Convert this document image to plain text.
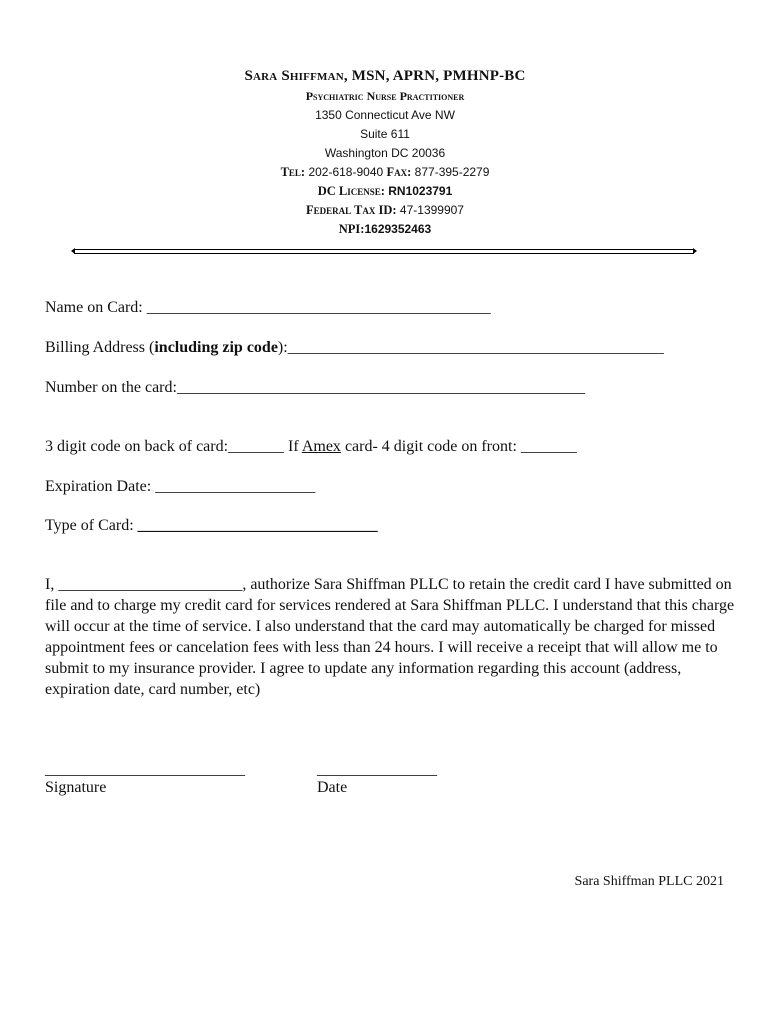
Sara Shiffman, MSN, APRN, PMHNP-BC
Psychiatric Nurse Practitioner
1350 Connecticut Ave NW
Suite 611
Washington DC 20036
Tel: 202-618-9040 Fax: 877-395-2279
DC License: RN1023791
Federal Tax ID: 47-1399907
NPI:1629352463
Name on Card: ___________________________________________
Billing Address (including zip code):_______________________________________________
Number on the card:___________________________________________________
3 digit code on back of card:_______ If Amex card- 4 digit code on front: _______
Expiration Date: ____________________
Type of Card: ______________________________
I, _______________________, authorize Sara Shiffman PLLC to retain the credit card I have submitted on file and to charge my credit card for services rendered at Sara Shiffman PLLC. I understand that this charge will occur at the time of service. I also understand that the card may automatically be charged for missed appointment fees or cancelation fees with less than 24 hours. I will receive a receipt that will allow me to submit to my insurance provider. I agree to update any information regarding this account (address, expiration date, card number, etc)
_________________________
Signature
_______________
Date
Sara Shiffman PLLC 2021
